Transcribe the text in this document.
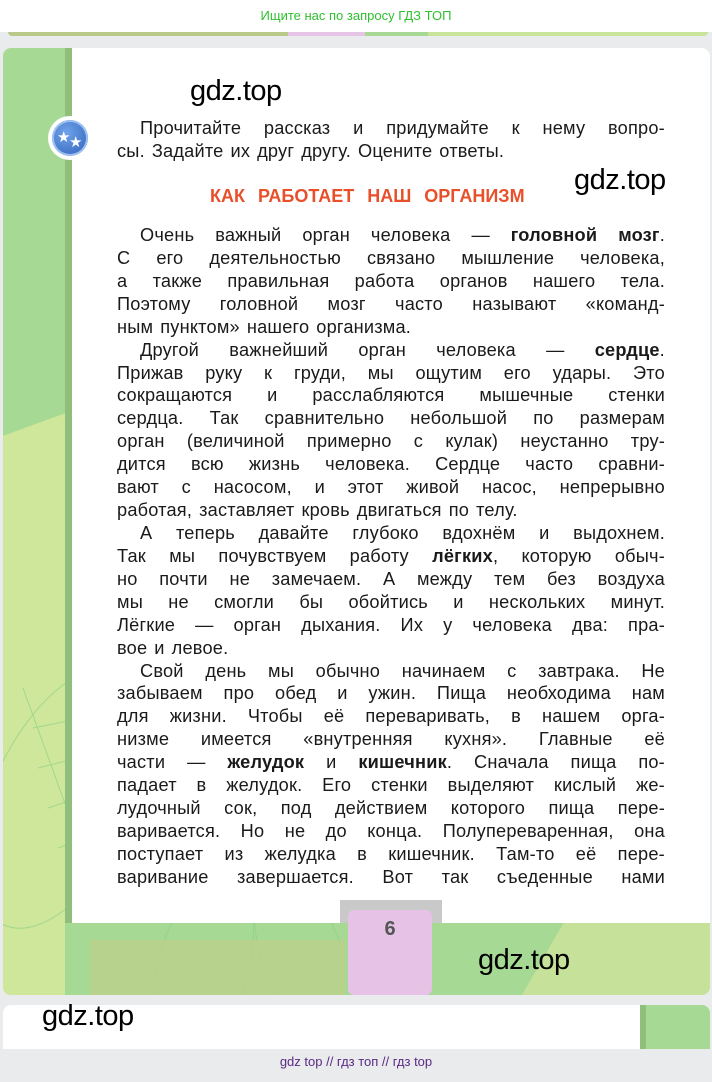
Ищите нас по запросу ГДЗ ТОП
6
★
★
Прочитайте рассказ и придумайте к нему вопро-
сы. Задайте их друг другу. Оцените ответы.
КАК РАБОТАЕТ НАШ ОРГАНИЗМ
Очень важный орган человека — головной мозг.
С его деятельностью связано мышление человека,
а также правильная работа органов нашего тела.
Поэтому головной мозг часто называют «команд-
ным пунктом» нашего организма.
Другой важнейший орган человека — сердце.
Прижав руку к груди, мы ощутим его удары. Это
сокращаются и расслабляются мышечные стенки
сердца. Так сравнительно небольшой по размерам
орган (величиной примерно с кулак) неустанно тру-
дится всю жизнь человека. Сердце часто сравни-
вают с насосом, и этот живой насос, непрерывно
работая, заставляет кровь двигаться по телу.
А теперь давайте глубоко вдохнём и выдохнем.
Так мы почувствуем работу лёгких, которую обыч-
но почти не замечаем. А между тем без воздуха
мы не смогли бы обойтись и нескольких минут.
Лёгкие — орган дыхания. Их у человека два: пра-
вое и левое.
Свой день мы обычно начинаем с завтрака. Не
забываем про обед и ужин. Пища необходима нам
для жизни. Чтобы её переваривать, в нашем орга-
низме имеется «внутренняя кухня». Главные её
части — желудок и кишечник. Сначала пища по-
падает в желудок. Его стенки выделяют кислый же-
лудочный сок, под действием которого пища пере-
варивается. Но не до конца. Полупереваренная, она
поступает из желудка в кишечник. Там-то её пере-
варивание завершается. Вот так съеденные нами
gdz.top
gdz.top
gdz.top
gdz.top
gdz top // гдз топ // гдз top
